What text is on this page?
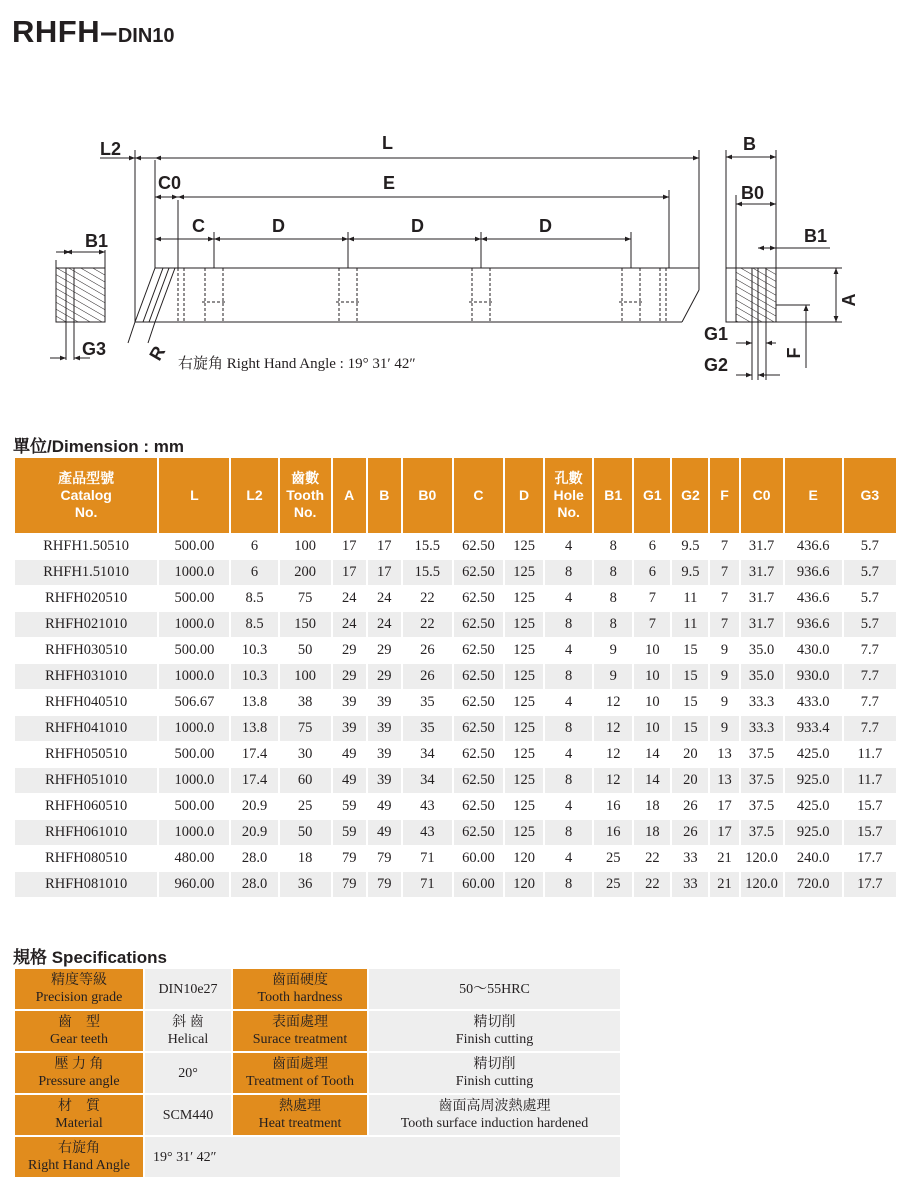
RHFH–DIN10
L2	L
C0	E
C	D	D	D
B1
G3 R
右旋角 Right Hand Angle : 19° 31′ 42″
B
B0
B1
A
G1
G2
F
單位/Dimension : mm
產品型號
Catalog
No.	L	L2	齒數
Tooth
No.	A	B	B0	C	D	孔數
Hole
No.	B1	G1	G2	F	C0	E	G3
RHFH1.50510	500.00	6	100	17	17	15.5	62.50	125	4	8	6	9.5	7	31.7	436.6	5.7
RHFH1.51010	1000.0	6	200	17	17	15.5	62.50	125	8	8	6	9.5	7	31.7	936.6	5.7
RHFH020510	500.00	8.5	75	24	24	22	62.50	125	4	8	7	11	7	31.7	436.6	5.7
RHFH021010	1000.0	8.5	150	24	24	22	62.50	125	8	8	7	11	7	31.7	936.6	5.7
RHFH030510	500.00	10.3	50	29	29	26	62.50	125	4	9	10	15	9	35.0	430.0	7.7
RHFH031010	1000.0	10.3	100	29	29	26	62.50	125	8	9	10	15	9	35.0	930.0	7.7
RHFH040510	506.67	13.8	38	39	39	35	62.50	125	4	12	10	15	9	33.3	433.0	7.7
RHFH041010	1000.0	13.8	75	39	39	35	62.50	125	8	12	10	15	9	33.3	933.4	7.7
RHFH050510	500.00	17.4	30	49	39	34	62.50	125	4	12	14	20	13	37.5	425.0	11.7
RHFH051010	1000.0	17.4	60	49	39	34	62.50	125	8	12	14	20	13	37.5	925.0	11.7
RHFH060510	500.00	20.9	25	59	49	43	62.50	125	4	16	18	26	17	37.5	425.0	15.7
RHFH061010	1000.0	20.9	50	59	49	43	62.50	125	8	16	18	26	17	37.5	925.0	15.7
RHFH080510	480.00	28.0	18	79	79	71	60.00	120	4	25	22	33	21	120.0	240.0	17.7
RHFH081010	960.00	28.0	36	79	79	71	60.00	120	8	25	22	33	21	120.0	720.0	17.7
規格 Specifications
精度等級
Precision grade	DIN10e27	齒面硬度
Tooth hardness	50～55HRC

齒　型
Gear teeth	斜 齒
Helical	表面處理
Surace treatment	精切削
Finish cutting

壓 力 角
Pressure angle	20°	齒面處理
Treatment of Tooth	精切削
Finish cutting

材　質
Material	SCM440	熱處理
Heat treatment	齒面高周波熱處理
Tooth surface induction hardened

右旋角
Right Hand Angle	19° 31′ 42″		
